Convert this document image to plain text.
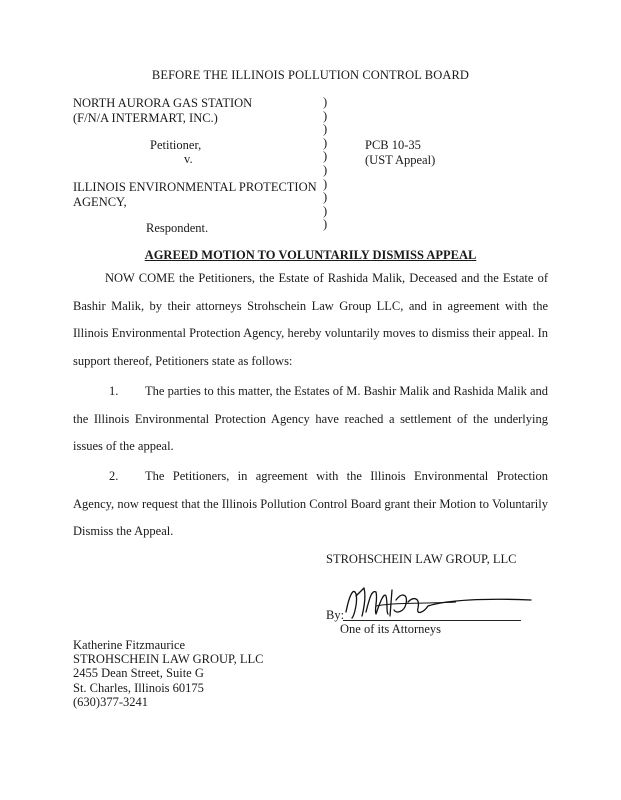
BEFORE THE ILLINOIS POLLUTION CONTROL BOARD
NORTH AURORA GAS STATION
(F/N/A INTERMART, INC.)
Petitioner,
v.
ILLINOIS ENVIRONMENTAL PROTECTION
AGENCY,
Respondent.
)
)
)
)
)
)
)
)
)
)
PCB 10-35
(UST Appeal)
AGREED MOTION TO VOLUNTARILY DISMISS APPEAL
NOW COME the Petitioners, the Estate of Rashida Malik, Deceased and the Estate of Bashir Malik, by their attorneys Strohschein Law Group LLC, and in agreement with the Illinois Environmental Protection Agency, hereby voluntarily moves to dismiss their appeal. In support thereof, Petitioners state as follows:
1. The parties to this matter, the Estates of M. Bashir Malik and Rashida Malik and the Illinois Environmental Protection Agency have reached a settlement of the underlying issues of the appeal.
2. The Petitioners, in agreement with the Illinois Environmental Protection Agency, now request that the Illinois Pollution Control Board grant their Motion to Voluntarily Dismiss the Appeal.
STROHSCHEIN LAW GROUP, LLC
By:
One of its Attorneys
Katherine Fitzmaurice
STROHSCHEIN LAW GROUP, LLC
2455 Dean Street, Suite G
St. Charles, Illinois 60175
(630)377-3241
